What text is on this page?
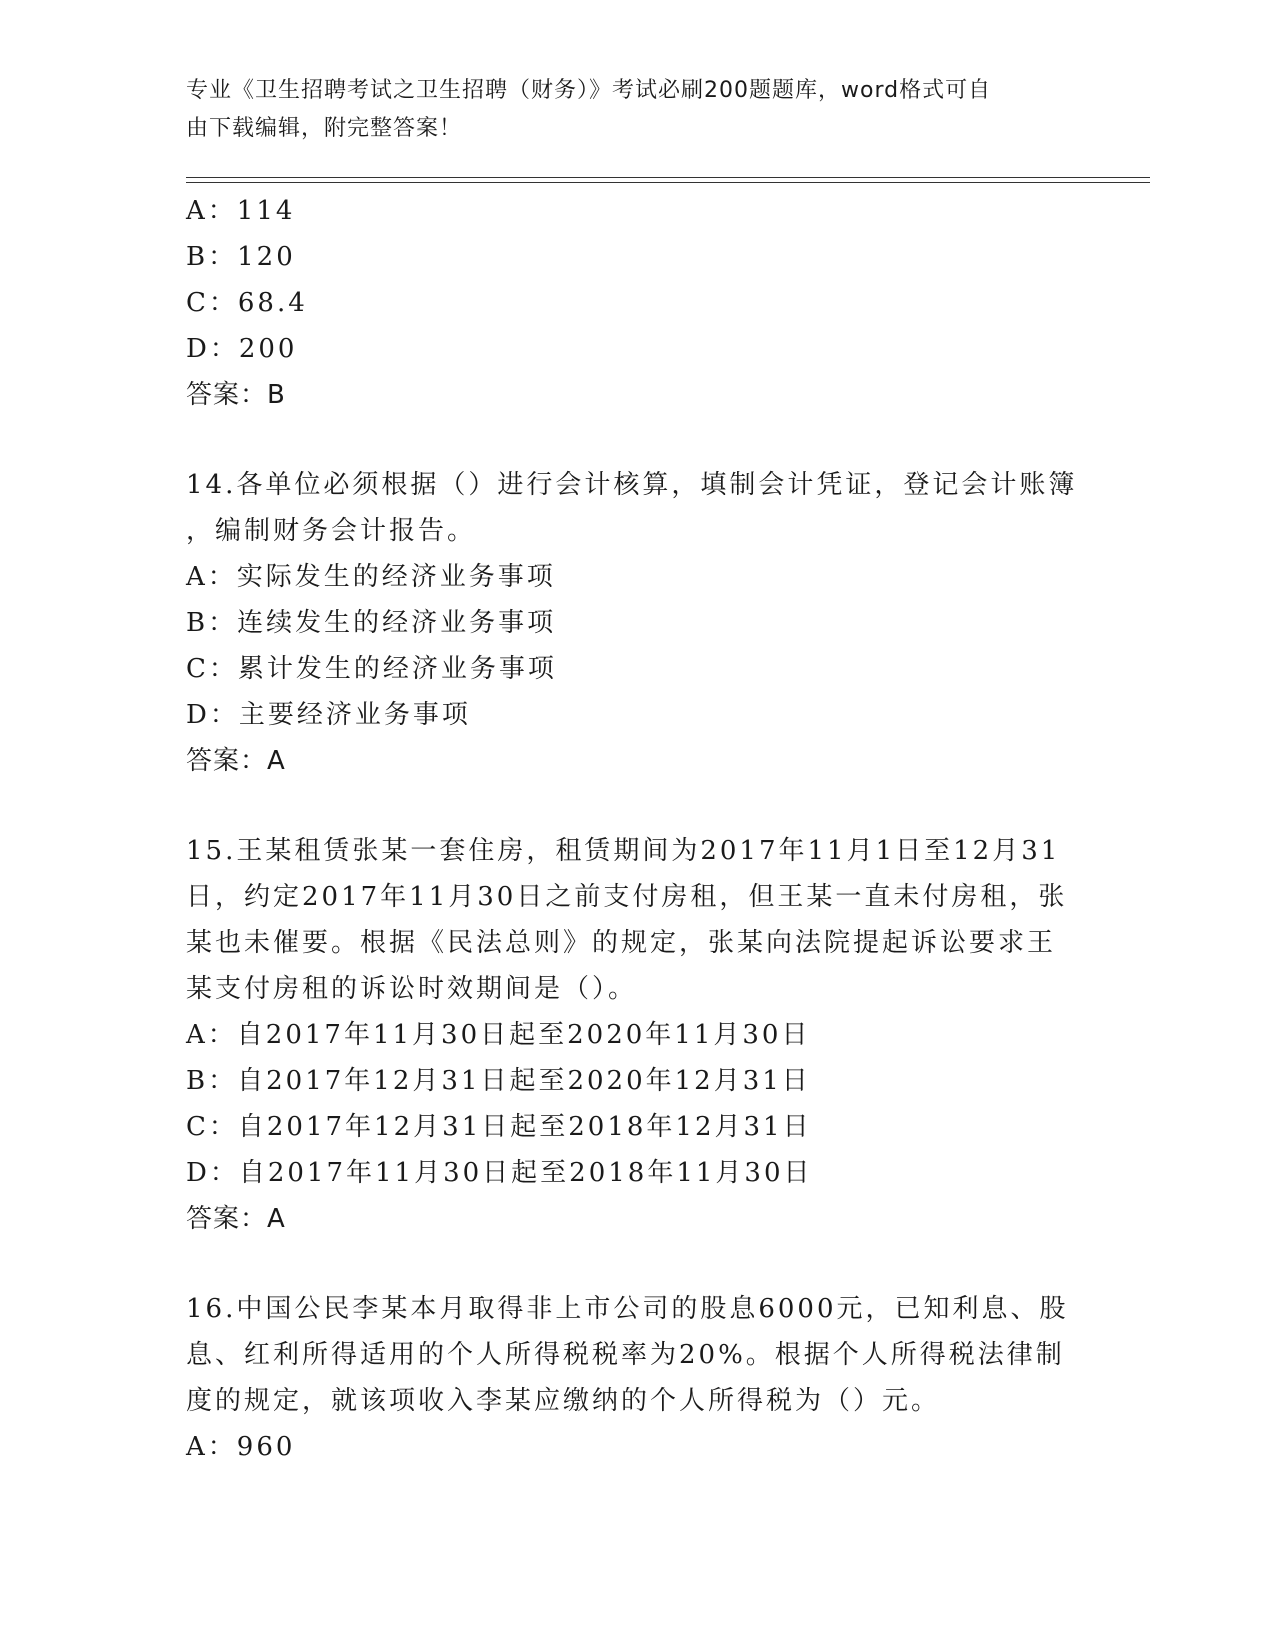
专业《卫生招聘考试之卫生招聘（财务）》考试必刷200题题库，word格式可自
由下载编辑，附完整答案！
A：114
B：120
C：68.4
D：200
答案：B
14.各单位必须根据（）进行会计核算，填制会计凭证，登记会计账簿
，编制财务会计报告。
A：实际发生的经济业务事项
B：连续发生的经济业务事项
C：累计发生的经济业务事项
D：主要经济业务事项
答案：A
15.王某租赁张某一套住房，租赁期间为2017年11月1日至12月31
日，约定2017年11月30日之前支付房租，但王某一直未付房租，张
某也未催要。根据《民法总则》的规定，张某向法院提起诉讼要求王
某支付房租的诉讼时效期间是（）。
A：自2017年11月30日起至2020年11月30日
B：自2017年12月31日起至2020年12月31日
C：自2017年12月31日起至2018年12月31日
D：自2017年11月30日起至2018年11月30日
答案：A
16.中国公民李某本月取得非上市公司的股息6000元，已知利息、股
息、红利所得适用的个人所得税税率为20%。根据个人所得税法律制
度的规定，就该项收入李某应缴纳的个人所得税为（）元。
A：960
